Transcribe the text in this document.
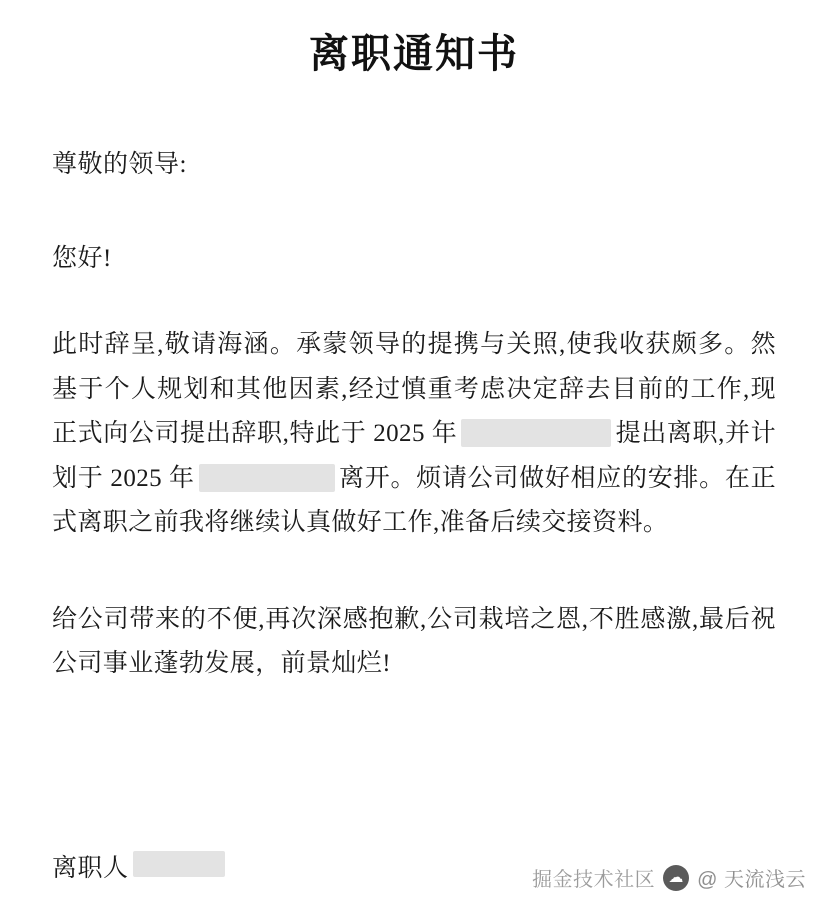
离职通知书
尊敬的领导:
您好!
此时辞呈,敬请海涵。承蒙领导的提携与关照,使我收获颇多。然基于个人规划和其他因素,经过慎重考虑决定辞去目前的工作,现正式向公司提出辞职,特此于 2025 年	提出离职,并计划于 2025 年	离开。烦请公司做好相应的安排。在正式离职之前我将继续认真做好工作,准备后续交接资料。
给公司带来的不便,再次深感抱歉,公司栽培之恩,不胜感激,最后祝公司事业蓬勃发展，前景灿烂!
离职人	掘金技术社区 ☁ @ 天流浅云
